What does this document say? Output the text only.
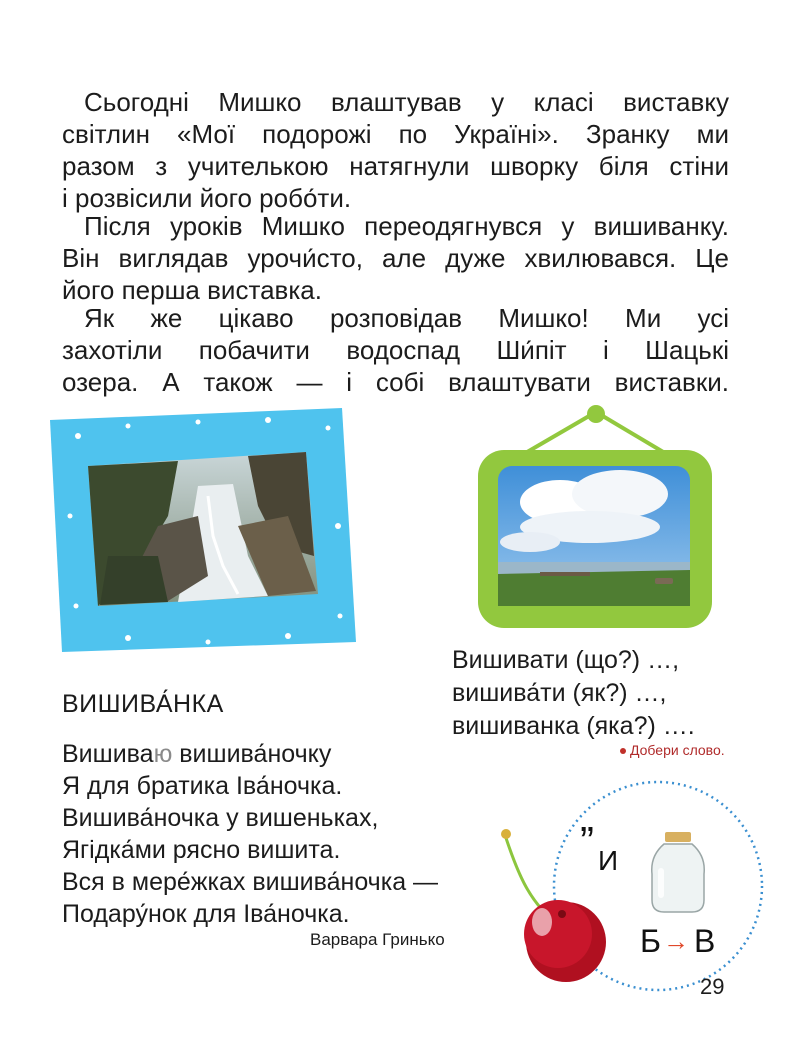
Сьогодні Мишко влаштував у класі виставку
світлин «Мої подорожі по Україні». Зранку ми
разом з учителькою натягнули шворку біля стіни
і розвісили його робо́ти.
Після уроків Мишко переодягнувся у вишиванку.
Він виглядав урочи́сто, але дуже хвилювався. Це
його перша виставка.
Як же цікаво розповідав Мишко! Ми усі
захотіли побачити водоспад Ши́піт і Шацькі
озера. А також — і собі влаштувати виставки.
Вишивати (що?) …,
вишива́ти (як?) …,
вишиванка (яка?) ….
Добери слово.
ВИШИВА́НКА
Вишиваю вишива́ночку
Я для братика Іва́ночка.
Вишива́ночка у вишеньках,
Ягідка́ми рясно вишита.
Вся в мере́жках вишива́ночка —
Подару́нок для Іва́ночка.
Варвара Гринько
” И
Б → В
29
